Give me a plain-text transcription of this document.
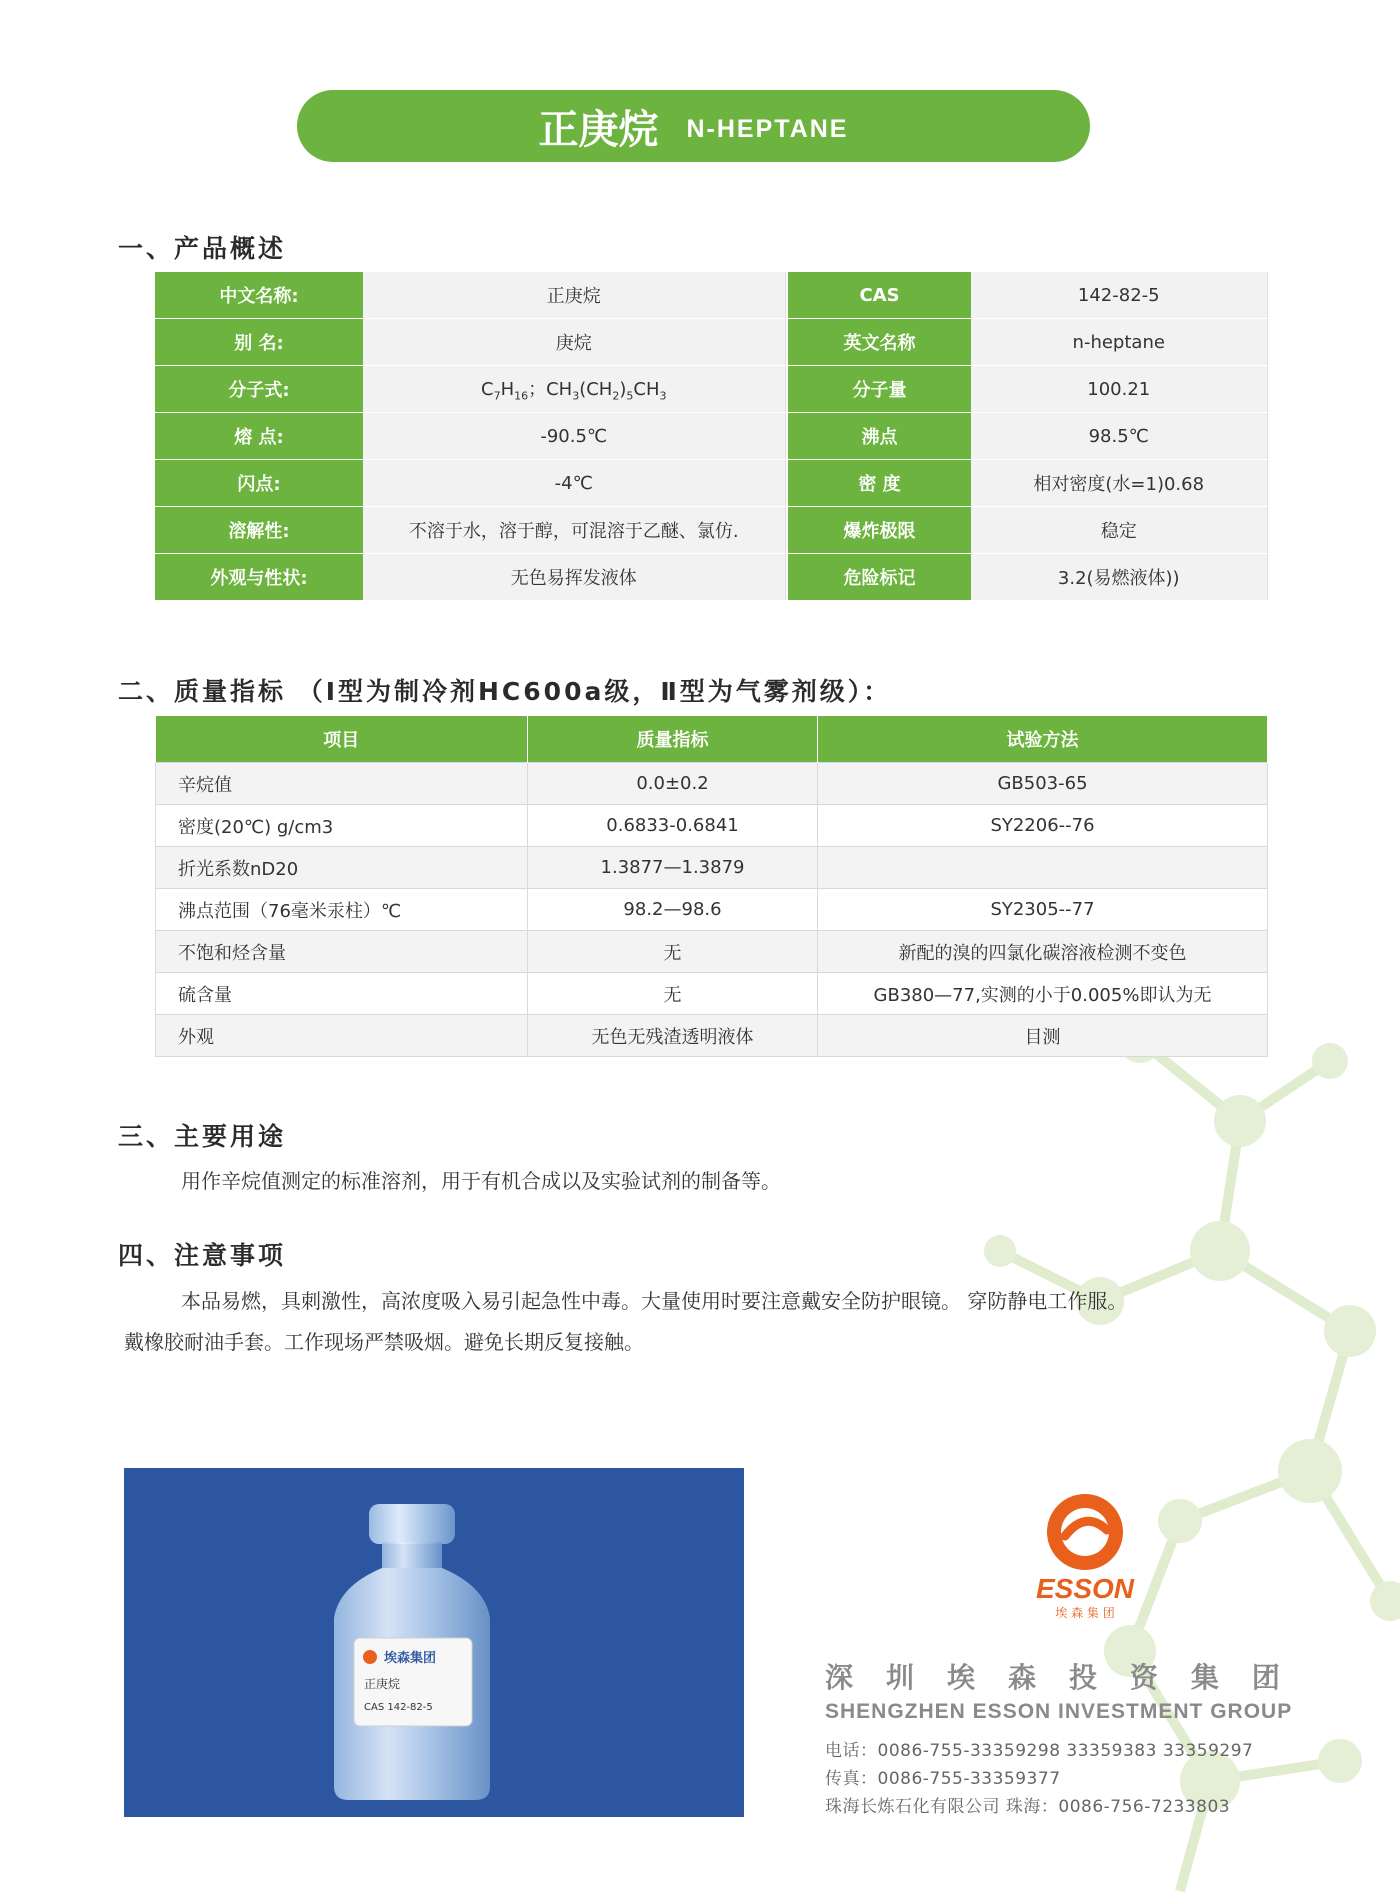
正庚烷 N-HEPTANE
一、产品概述
中文名称:	正庚烷		CAS	142-82-5
别 名:	庚烷		英文名称	n-heptane
分子式:	$C_7H_{16}$；$CH_3(CH_2)_5CH_3$		分子量	100.21
熔 点:	-90.5℃		沸点	98.5℃
闪点:	-4℃		密 度	相对密度(水=1)0.68
溶解性:	不溶于水，溶于醇，可混溶于乙醚、氯仿.		爆炸极限	稳定
外观与性状:	无色易挥发液体		危险标记	3.2(易燃液体))
二、质量指标 （Ⅰ型为制冷剂HC600a级，Ⅱ型为气雾剂级）：
项目	质量指标	试验方法
辛烷值	0.0±0.2	GB503-65
密度(20℃) g/cm3	0.6833-0.6841	SY2206--76
折光系数nD20	1.3877—1.3879	
沸点范围（76毫米汞柱）℃	98.2—98.6	SY2305--77
不饱和烃含量	无	新配的溴的四氯化碳溶液检测不变色
硫含量	无	GB380—77,实测的小于0.005%即认为无
外观	无色无残渣透明液体	目测
三、主要用途
用作辛烷值测定的标准溶剂，用于有机合成以及实验试剂的制备等。
四、注意事项
本品易燃，具刺激性，高浓度吸入易引起急性中毒。大量使用时要注意戴安全防护眼镜。 穿防静电工作服。
戴橡胶耐油手套。工作现场严禁吸烟。避免长期反复接触。
埃森集团
正庚烷
CAS 142-82-5
ESSON
埃 森 集 团
深 圳 埃 森 投 资 集 团
SHENGZHEN ESSON INVESTMENT GROUP
电话：0086-755-33359298 33359383 33359297
传真：0086-755-33359377
珠海长炼石化有限公司 珠海：0086-756-7233803
